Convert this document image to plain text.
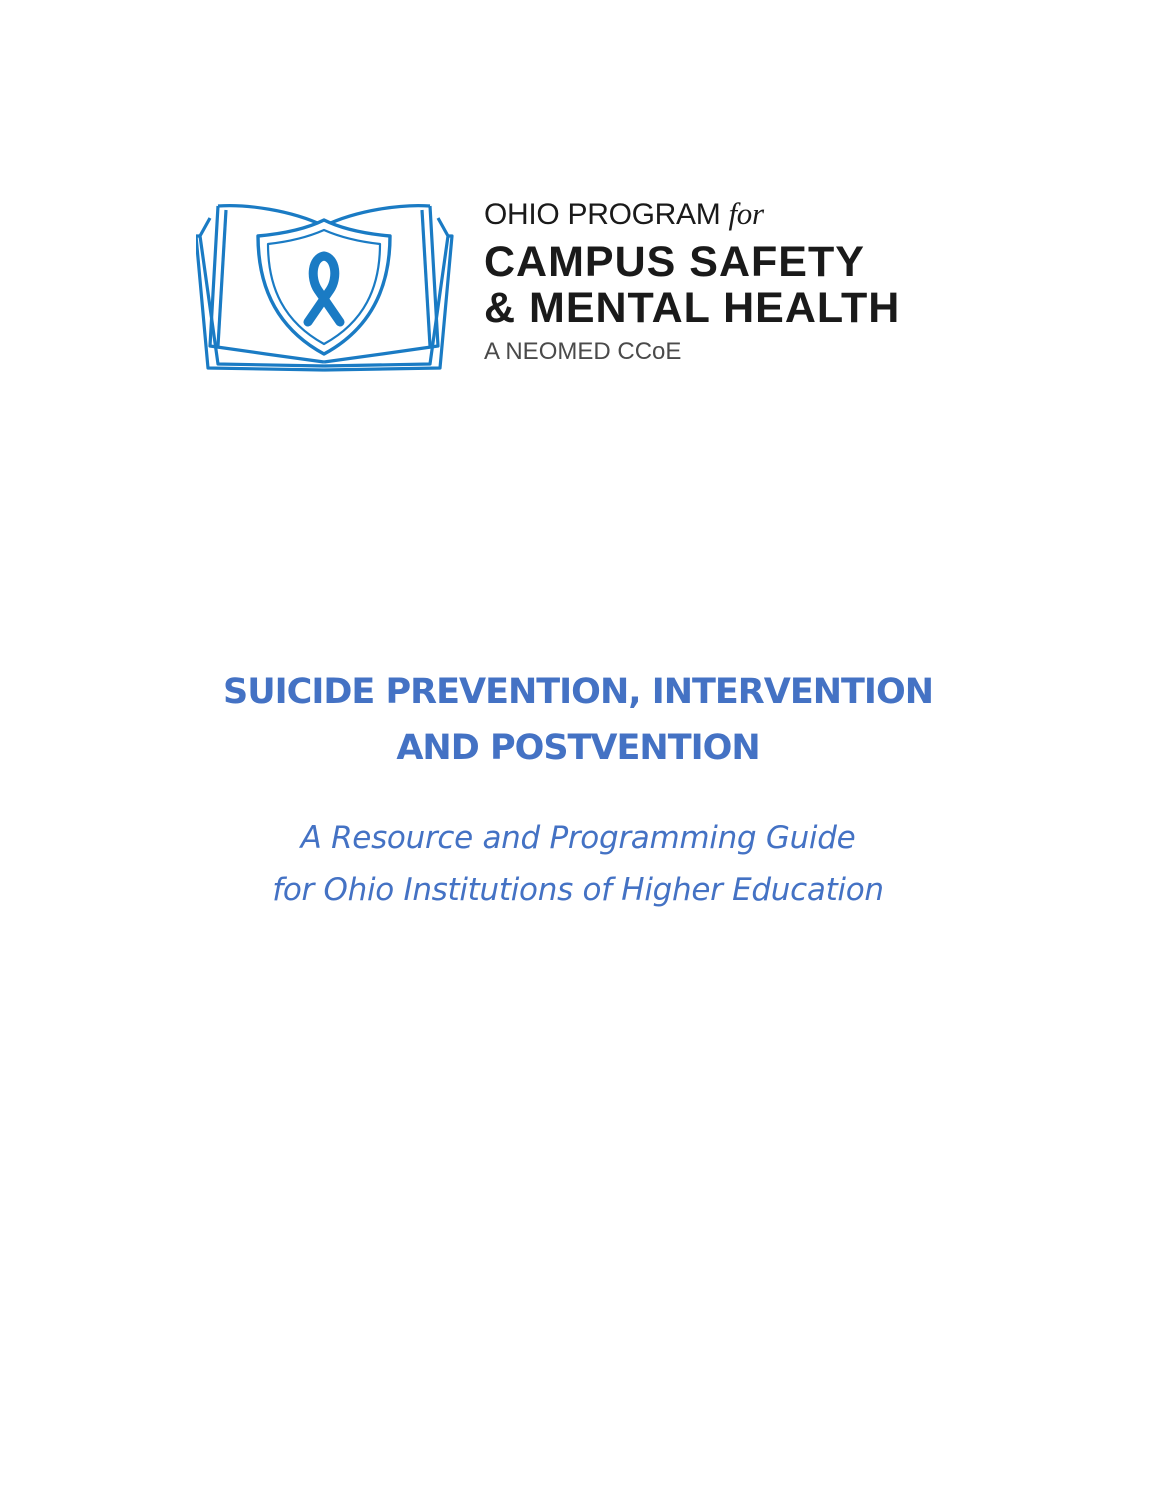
OHIO PROGRAM for
CAMPUS SAFETY
& MENTAL HEALTH
A NEOMED CCoE
SUICIDE PREVENTION, INTERVENTION
AND POSTVENTION
A Resource and Programming Guide
for Ohio Institutions of Higher Education
